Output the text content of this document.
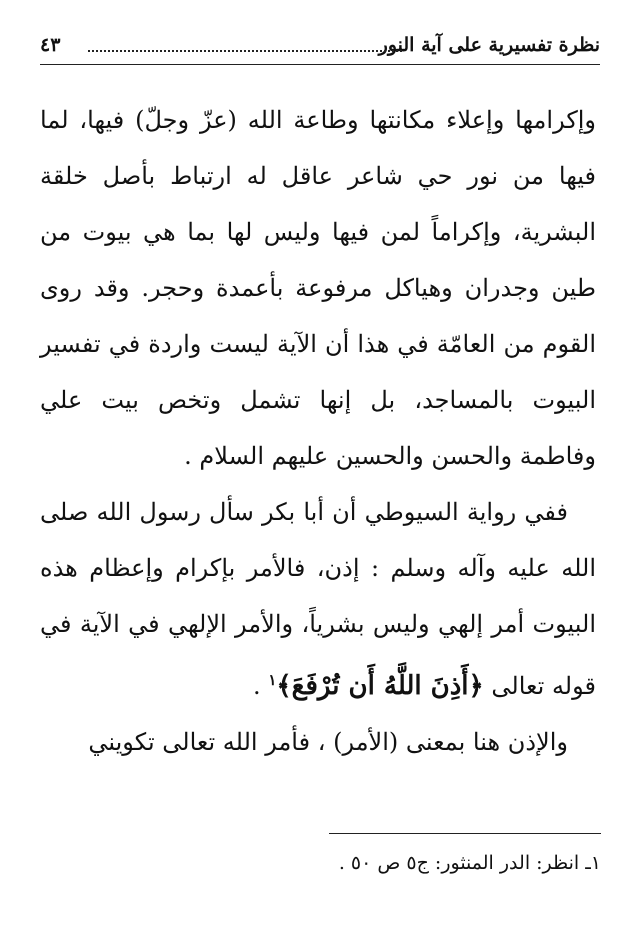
نظرة تفسيرية على آية النور
٤٣

وإكرامها وإعلاء مكانتها وطاعة الله (عزّ وجلّ) فيها، لما فيها من نور حي شاعر عاقل له ارتباط بأصل خلقة البشرية، وإكراماً لمن فيها وليس لها بما هي بيوت من طين وجدران وهياكل مرفوعة بأعمدة وحجر. وقد روى القوم من العامّة في هذا أن الآية ليست واردة في تفسير البيوت بالمساجد، بل إنها تشمل وتخص بيت علي وفاطمة والحسن والحسين عليهم السلام .

ففي رواية السيوطي أن أبا بكر سأل رسول الله صلى الله عليه وآله وسلم : إذن، فالأمر بإكرام وإعظام هذه البيوت أمر إلهي وليس بشرياً، والأمر الإلهي في الآية في قوله تعالى ﴿أَذِنَ اللَّهُ أَن تُرْفَعَ﴾$^١$ .

والإذن هنا بمعنى (الأمر) ، فأمر الله تعالى تكويني

١ـ انظر: الدر المنثور: ج٥ ص ٥٠ .
